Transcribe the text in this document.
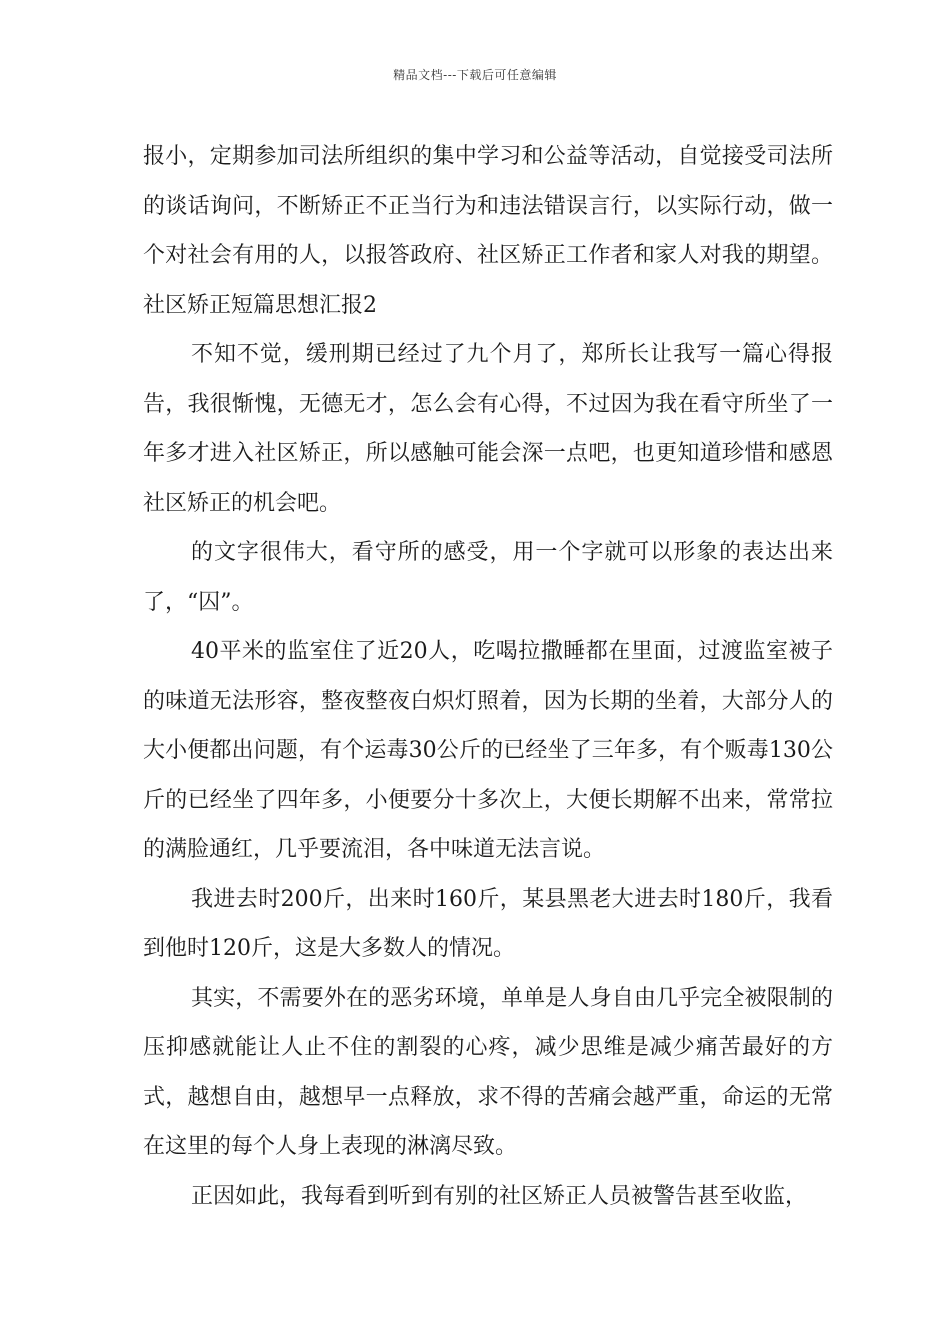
精品文档---下载后可任意编辑

报小，定期参加司法所组织的集中学习和公益等活动，自觉接受司法所的谈话询问，不断矫正不正当行为和违法错误言行，以实际行动，做一个对社会有用的人，以报答政府、社区矫正工作者和家人对我的期望。社区矫正短篇思想汇报2

不知不觉，缓刑期已经过了九个月了，郑所长让我写一篇心得报告，我很惭愧，无德无才，怎么会有心得，不过因为我在看守所坐了一年多才进入社区矫正，所以感触可能会深一点吧，也更知道珍惜和感恩社区矫正的机会吧。

的文字很伟大，看守所的感受，用一个字就可以形象的表达出来了，“囚”。

40平米的监室住了近20人，吃喝拉撒睡都在里面，过渡监室被子的味道无法形容，整夜整夜白炽灯照着，因为长期的坐着，大部分人的大小便都出问题，有个运毒30公斤的已经坐了三年多，有个贩毒130公斤的已经坐了四年多，小便要分十多次上，大便长期解不出来，常常拉的满脸通红，几乎要流泪，各中味道无法言说。

我进去时200斤，出来时160斤，某县黑老大进去时180斤，我看到他时120斤，这是大多数人的情况。

其实，不需要外在的恶劣环境，单单是人身自由几乎完全被限制的压抑感就能让人止不住的割裂的心疼，减少思维是减少痛苦最好的方式，越想自由，越想早一点释放，求不得的苦痛会越严重，命运的无常在这里的每个人身上表现的淋漓尽致。

正因如此，我每看到听到有别的社区矫正人员被警告甚至收监，
